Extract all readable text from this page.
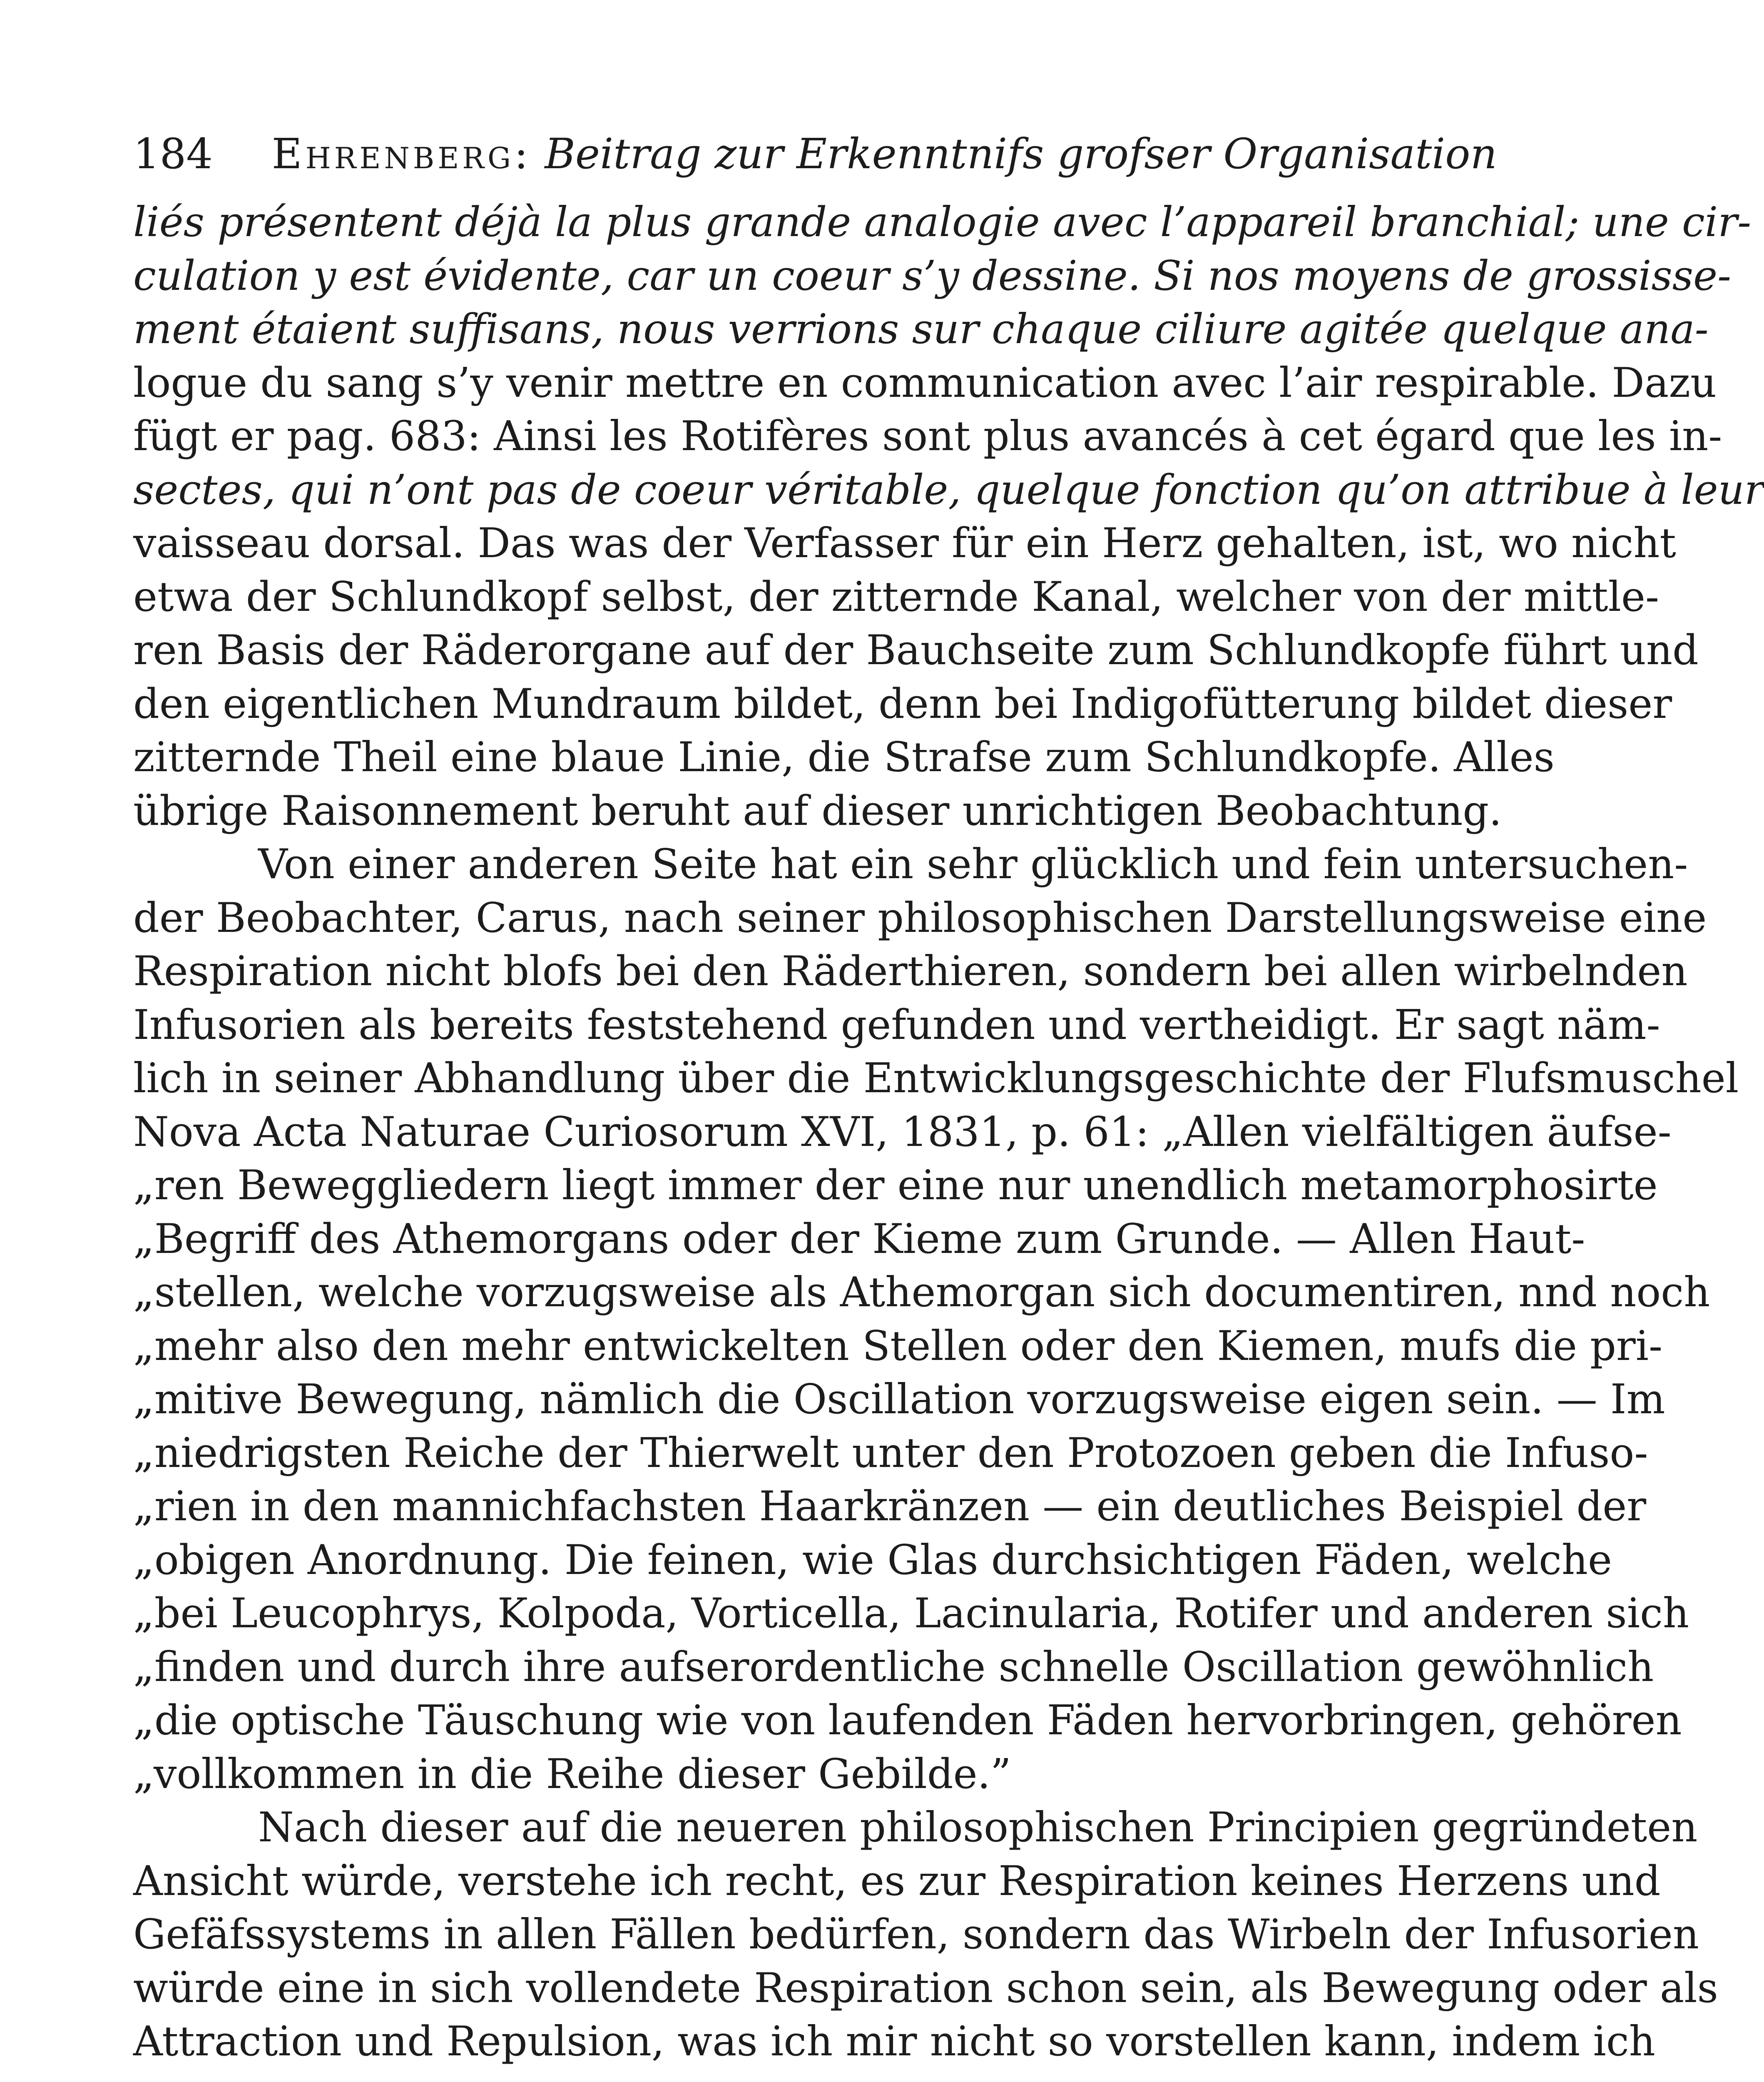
184 Ehrenberg: Beitrag zur Erkenntnifs grofser Organisation
liés présentent déjà la plus grande analogie avec l’appareil branchial; une cir-
culation y est évidente, car un coeur s’y dessine. Si nos moyens de grossisse-
ment étaient suffisans, nous verrions sur chaque ciliure agitée quelque ana-
logue du sang s’y venir mettre en communication avec l’air respirable. Dazu
fügt er pag. 683: Ainsi les Rotifères sont plus avancés à cet égard que les in-
sectes, qui n’ont pas de coeur véritable, quelque fonction qu’on attribue à leur
vaisseau dorsal. Das was der Verfasser für ein Herz gehalten, ist, wo nicht
etwa der Schlundkopf selbst, der zitternde Kanal, welcher von der mittle-
ren Basis der Räderorgane auf der Bauchseite zum Schlundkopfe führt und
den eigentlichen Mundraum bildet, denn bei Indigofütterung bildet dieser
zitternde Theil eine blaue Linie, die Strafse zum Schlundkopfe. Alles
übrige Raisonnement beruht auf dieser unrichtigen Beobachtung.
Von einer anderen Seite hat ein sehr glücklich und fein untersuchen-
der Beobachter, Carus, nach seiner philosophischen Darstellungsweise eine
Respiration nicht blofs bei den Räderthieren, sondern bei allen wirbelnden
Infusorien als bereits feststehend gefunden und vertheidigt. Er sagt näm-
lich in seiner Abhandlung über die Entwicklungsgeschichte der Flufsmuschel
Nova Acta Naturae Curiosorum XVI, 1831, p. 61: „Allen vielfältigen äufse-
„ren Beweggliedern liegt immer der eine nur unendlich metamorphosirte
„Begriff des Athemorgans oder der Kieme zum Grunde. — Allen Haut-
„stellen, welche vorzugsweise als Athemorgan sich documentiren, nnd noch
„mehr also den mehr entwickelten Stellen oder den Kiemen, mufs die pri-
„mitive Bewegung, nämlich die Oscillation vorzugsweise eigen sein. — Im
„niedrigsten Reiche der Thierwelt unter den Protozoen geben die Infuso-
„rien in den mannichfachsten Haarkränzen — ein deutliches Beispiel der
„obigen Anordnung. Die feinen, wie Glas durchsichtigen Fäden, welche
„bei Leucophrys, Kolpoda, Vorticella, Lacinularia, Rotifer und anderen sich
„finden und durch ihre aufserordentliche schnelle Oscillation gewöhnlich
„die optische Täuschung wie von laufenden Fäden hervorbringen, gehören
„vollkommen in die Reihe dieser Gebilde.”
Nach dieser auf die neueren philosophischen Principien gegründeten
Ansicht würde, verstehe ich recht, es zur Respiration keines Herzens und
Gefäfssystems in allen Fällen bedürfen, sondern das Wirbeln der Infusorien
würde eine in sich vollendete Respiration schon sein, als Bewegung oder als
Attraction und Repulsion, was ich mir nicht so vorstellen kann, indem ich
